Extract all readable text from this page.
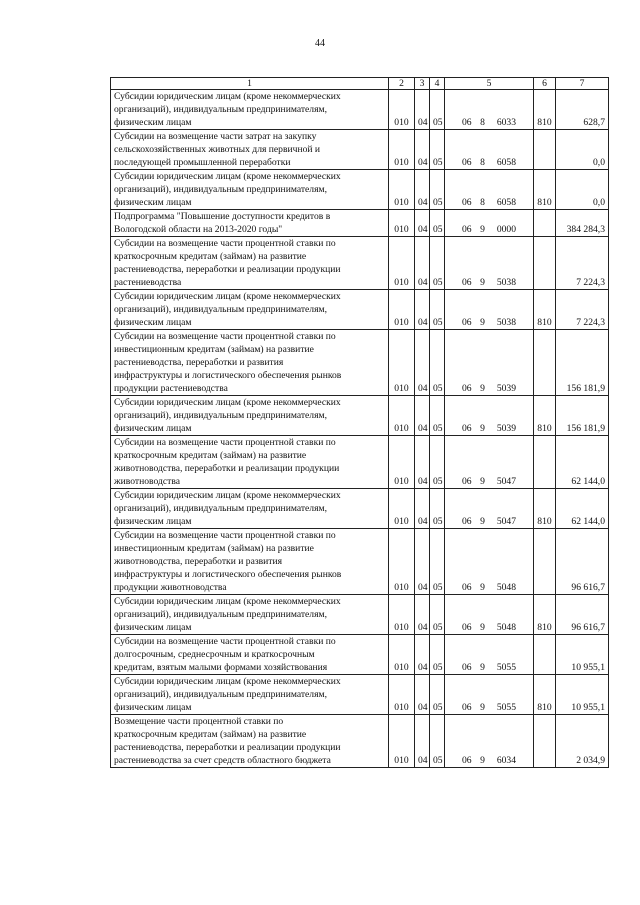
44
1	2	3	4	5	6	7

Субсидии юридическим лицам (кроме некоммерческих
организаций), индивидуальным предпринимателям,
физическим лицам	010	04	05	06 8 6033	810	628,7

Субсидии на возмещение части затрат на закупку
сельскохозяйственных животных для первичной и
последующей промышленной переработки	010	04	05	06 8 6058		0,0

Субсидии юридическим лицам (кроме некоммерческих
организаций), индивидуальным предпринимателям,
физическим лицам	010	04	05	06 8 6058	810	0,0

Подпрограмма "Повышение доступности кредитов в
Вологодской области на 2013-2020 годы"	010	04	05	06 9 0000		384 284,3

Субсидии на возмещение части процентной ставки по
краткосрочным кредитам (займам) на развитие
растениеводства, переработки и реализации продукции
растениеводства	010	04	05	06 9 5038		7 224,3

Субсидии юридическим лицам (кроме некоммерческих
организаций), индивидуальным предпринимателям,
физическим лицам	010	04	05	06 9 5038	810	7 224,3

Субсидии на возмещение части процентной ставки по
инвестиционным кредитам (займам) на развитие
растениеводства, переработки и развития
инфраструктуры и логистического обеспечения рынков
продукции растениеводства	010	04	05	06 9 5039		156 181,9

Субсидии юридическим лицам (кроме некоммерческих
организаций), индивидуальным предпринимателям,
физическим лицам	010	04	05	06 9 5039	810	156 181,9

Субсидии на возмещение части процентной ставки по
краткосрочным кредитам (займам) на развитие
животноводства, переработки и реализации продукции
животноводства	010	04	05	06 9 5047		62 144,0

Субсидии юридическим лицам (кроме некоммерческих
организаций), индивидуальным предпринимателям,
физическим лицам	010	04	05	06 9 5047	810	62 144,0

Субсидии на возмещение части процентной ставки по
инвестиционным кредитам (займам) на развитие
животноводства, переработки и развития
инфраструктуры и логистического обеспечения рынков
продукции животноводства	010	04	05	06 9 5048		96 616,7

Субсидии юридическим лицам (кроме некоммерческих
организаций), индивидуальным предпринимателям,
физическим лицам	010	04	05	06 9 5048	810	96 616,7

Субсидии на возмещение части процентной ставки по
долгосрочным, среднесрочным и краткосрочным
кредитам, взятым малыми формами хозяйствования	010	04	05	06 9 5055		10 955,1

Субсидии юридическим лицам (кроме некоммерческих
организаций), индивидуальным предпринимателям,
физическим лицам	010	04	05	06 9 5055	810	10 955,1

Возмещение части процентной ставки по
краткосрочным кредитам (займам) на развитие
растениеводства, переработки и реализации продукции
растениеводства за счет средств областного бюджета	010	04	05	06 9 6034		2 034,9
